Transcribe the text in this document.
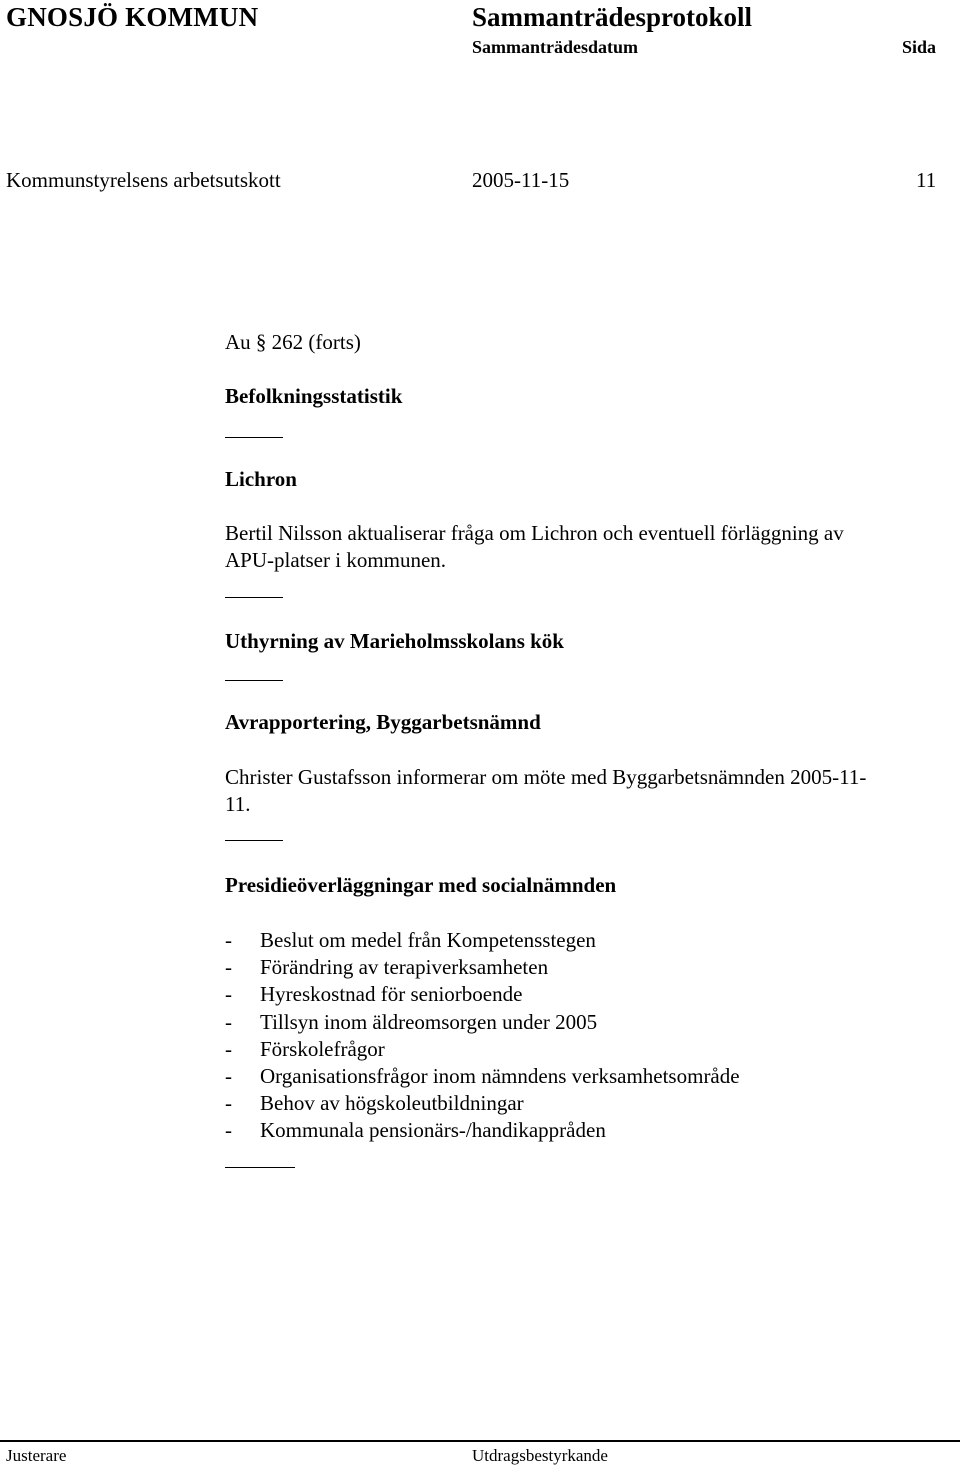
GNOSJÖ KOMMUN	Sammanträdesprotokoll
Sammanträdesdatum	Sida
Kommunstyrelsens arbetsutskott	2005-11-15	11
Au § 262 (forts)
Befolkningsstatistik
Lichron
Bertil Nilsson aktualiserar fråga om Lichron och eventuell förläggning av
APU-platser i kommunen.
Uthyrning av Marieholmsskolans kök
Avrapportering, Byggarbetsnämnd
Christer Gustafsson informerar om möte med Byggarbetsnämnden 2005-11-
11.
Presidieöverläggningar med socialnämnden
- Beslut om medel från Kompetensstegen
- Förändring av terapiverksamheten
- Hyreskostnad för seniorboende
- Tillsyn inom äldreomsorgen under 2005
- Förskolefrågor
- Organisationsfrågor inom nämndens verksamhetsområde
- Behov av högskoleutbildningar
- Kommunala pensionärs-/handikappråden
Justerare	Utdragsbestyrkande
